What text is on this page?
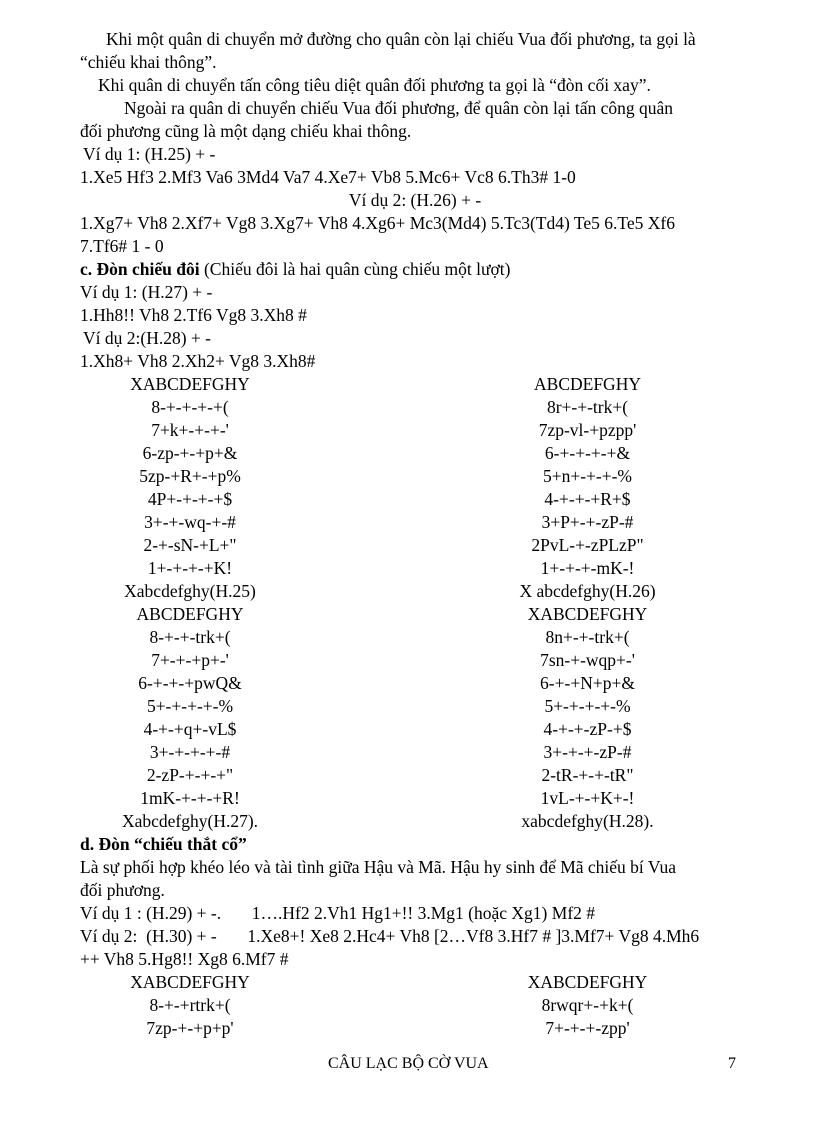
Khi một quân di chuyển mở đường cho quân còn lại chiếu Vua đối phương, ta gọi là

“chiếu khai thông”.

Khi quân di chuyển tấn công tiêu diệt quân đối phương ta gọi là “đòn cối xay”.

Ngoài ra quân di chuyển chiếu Vua đối phương, để quân còn lại tấn công quân

đối phương cũng là một dạng chiếu khai thông.

Ví dụ 1: (H.25) + -

1.Xe5 Hf3 2.Mf3 Va6 3Md4 Va7 4.Xe7+ Vb8 5.Mc6+ Vc8 6.Th3# 1-0

Ví dụ 2: (H.26) + -

1.Xg7+ Vh8 2.Xf7+ Vg8 3.Xg7+ Vh8 4.Xg6+ Mc3(Md4) 5.Tc3(Td4) Te5 6.Te5 Xf6

7.Tf6# 1 - 0

c. Đòn chiếu đôi (Chiếu đôi là hai quân cùng chiếu một lượt)

Ví dụ 1: (H.27) + -

1.Hh8!! Vh8 2.Tf6 Vg8 3.Xh8 #

Ví dụ 2:(H.28) + -

1.Xh8+ Vh8 2.Xh2+ Vg8 3.Xh8#

XABCDEFGHY

8-+-+-+-+(

7+k+-+-+-'

6-zp-+-+p+&

5zp-+R+-+p%

4P+-+-+-+$

3+-+-wq-+-#

2-+-sN-+L+"

1+-+-+-+K!

Xabcdefghy(H.25)

ABCDEFGHY

8r+-+-trk+(

7zp-vl-+pzpp'

6-+-+-+-+&

5+n+-+-+-%

4-+-+-+R+$

3+P+-+-zP-#

2PvL-+-zPLzP"

1+-+-+-mK-!

X abcdefghy(H.26)

ABCDEFGHY

8-+-+-trk+(

7+-+-+p+-'

6-+-+-+pwQ&

5+-+-+-+-%

4-+-+q+-vL$

3+-+-+-+-#

2-zP-+-+-+"

1mK-+-+-+R!

Xabcdefghy(H.27).

XABCDEFGHY

8n+-+-trk+(

7sn-+-wqp+-'

6-+-+N+p+&

5+-+-+-+-%

4-+-+-zP-+$

3+-+-+-zP-#

2-tR-+-+-tR"

1vL-+-+K+-!

xabcdefghy(H.28).

d. Đòn “chiếu thắt cổ”

Là sự phối hợp khéo léo và tài tình giữa Hậu và Mã. Hậu hy sinh để Mã chiếu bí Vua

đối phương.

Ví dụ 1 : (H.29) + -.       1….Hf2 2.Vh1 Hg1+!! 3.Mg1 (hoặc Xg1) Mf2 #

Ví dụ 2:  (H.30) + -       1.Xe8+! Xe8 2.Hc4+ Vh8 [2…Vf8 3.Hf7 # ]3.Mf7+ Vg8 4.Mh6

++ Vh8 5.Hg8!! Xg8 6.Mf7 #

XABCDEFGHY

8-+-+rtrk+(

7zp-+-+p+p'

XABCDEFGHY

8rwqr+-+k+(

7+-+-+-zpp'

CÂU LẠC BỘ CỜ VUA	7
